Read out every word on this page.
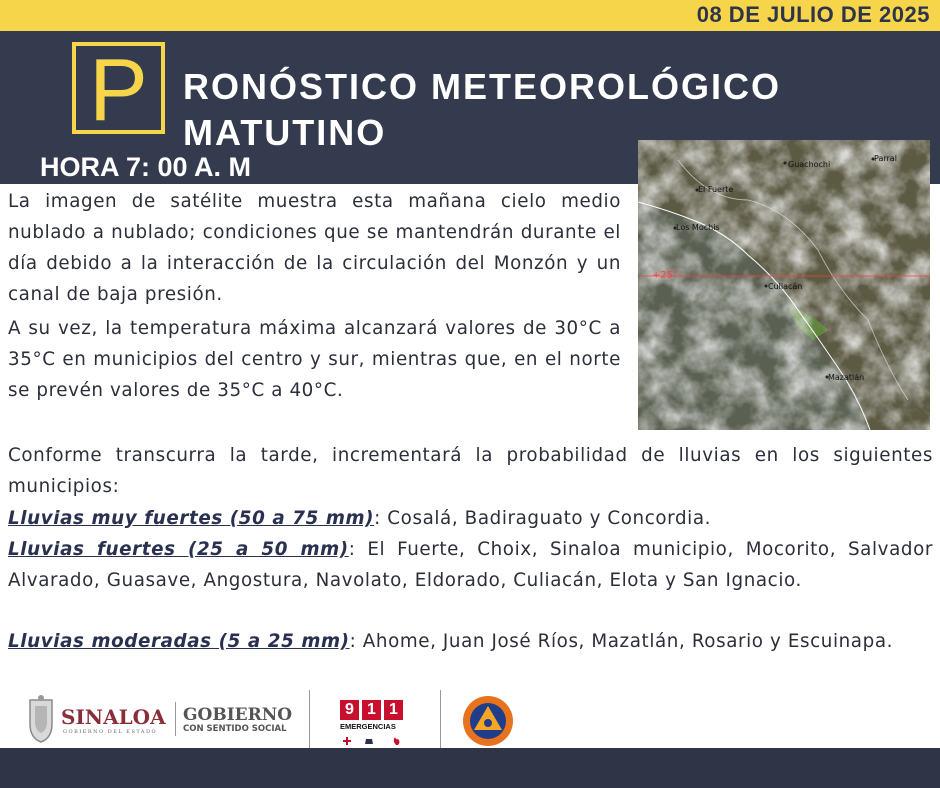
08 DE JULIO DE 2025
P RONÓSTICO METEOROLÓGICO
MATUTINO
HORA 7: 00 A. M
+25°
Guachochi
Parral
El Fuerte
Los Mochis
Culiacán
Mazatlán

La imagen de satélite muestra esta mañana cielo medio nublado a nublado; condiciones que se mantendrán durante el día debido a la interacción de la circulación del Monzón y un canal de baja presión.

A su vez, la temperatura máxima alcanzará valores de 30°C a 35°C en municipios del centro y sur, mientras que, en el norte se prevén valores de 35°C a 40°C.

Conforme transcurra la tarde, incrementará la probabilidad de lluvias en los siguientes municipios:

Lluvias muy fuertes (50 a 75 mm): Cosalá, Badiraguato y Concordia.

Lluvias fuertes (25 a 50 mm): El Fuerte, Choix, Sinaloa municipio, Mocorito, Salvador Alvarado, Guasave, Angostura, Navolato, Eldorado, Culiacán, Elota y San Ignacio.

Lluvias moderadas (5 a 25 mm): Ahome, Juan José Ríos, Mazatlán, Rosario y Escuinapa.

SINALOA
GOBIERNO DEL ESTADO
GOBIERNO
CON SENTIDO SOCIAL
9 1 1
EMERGENCIAS
